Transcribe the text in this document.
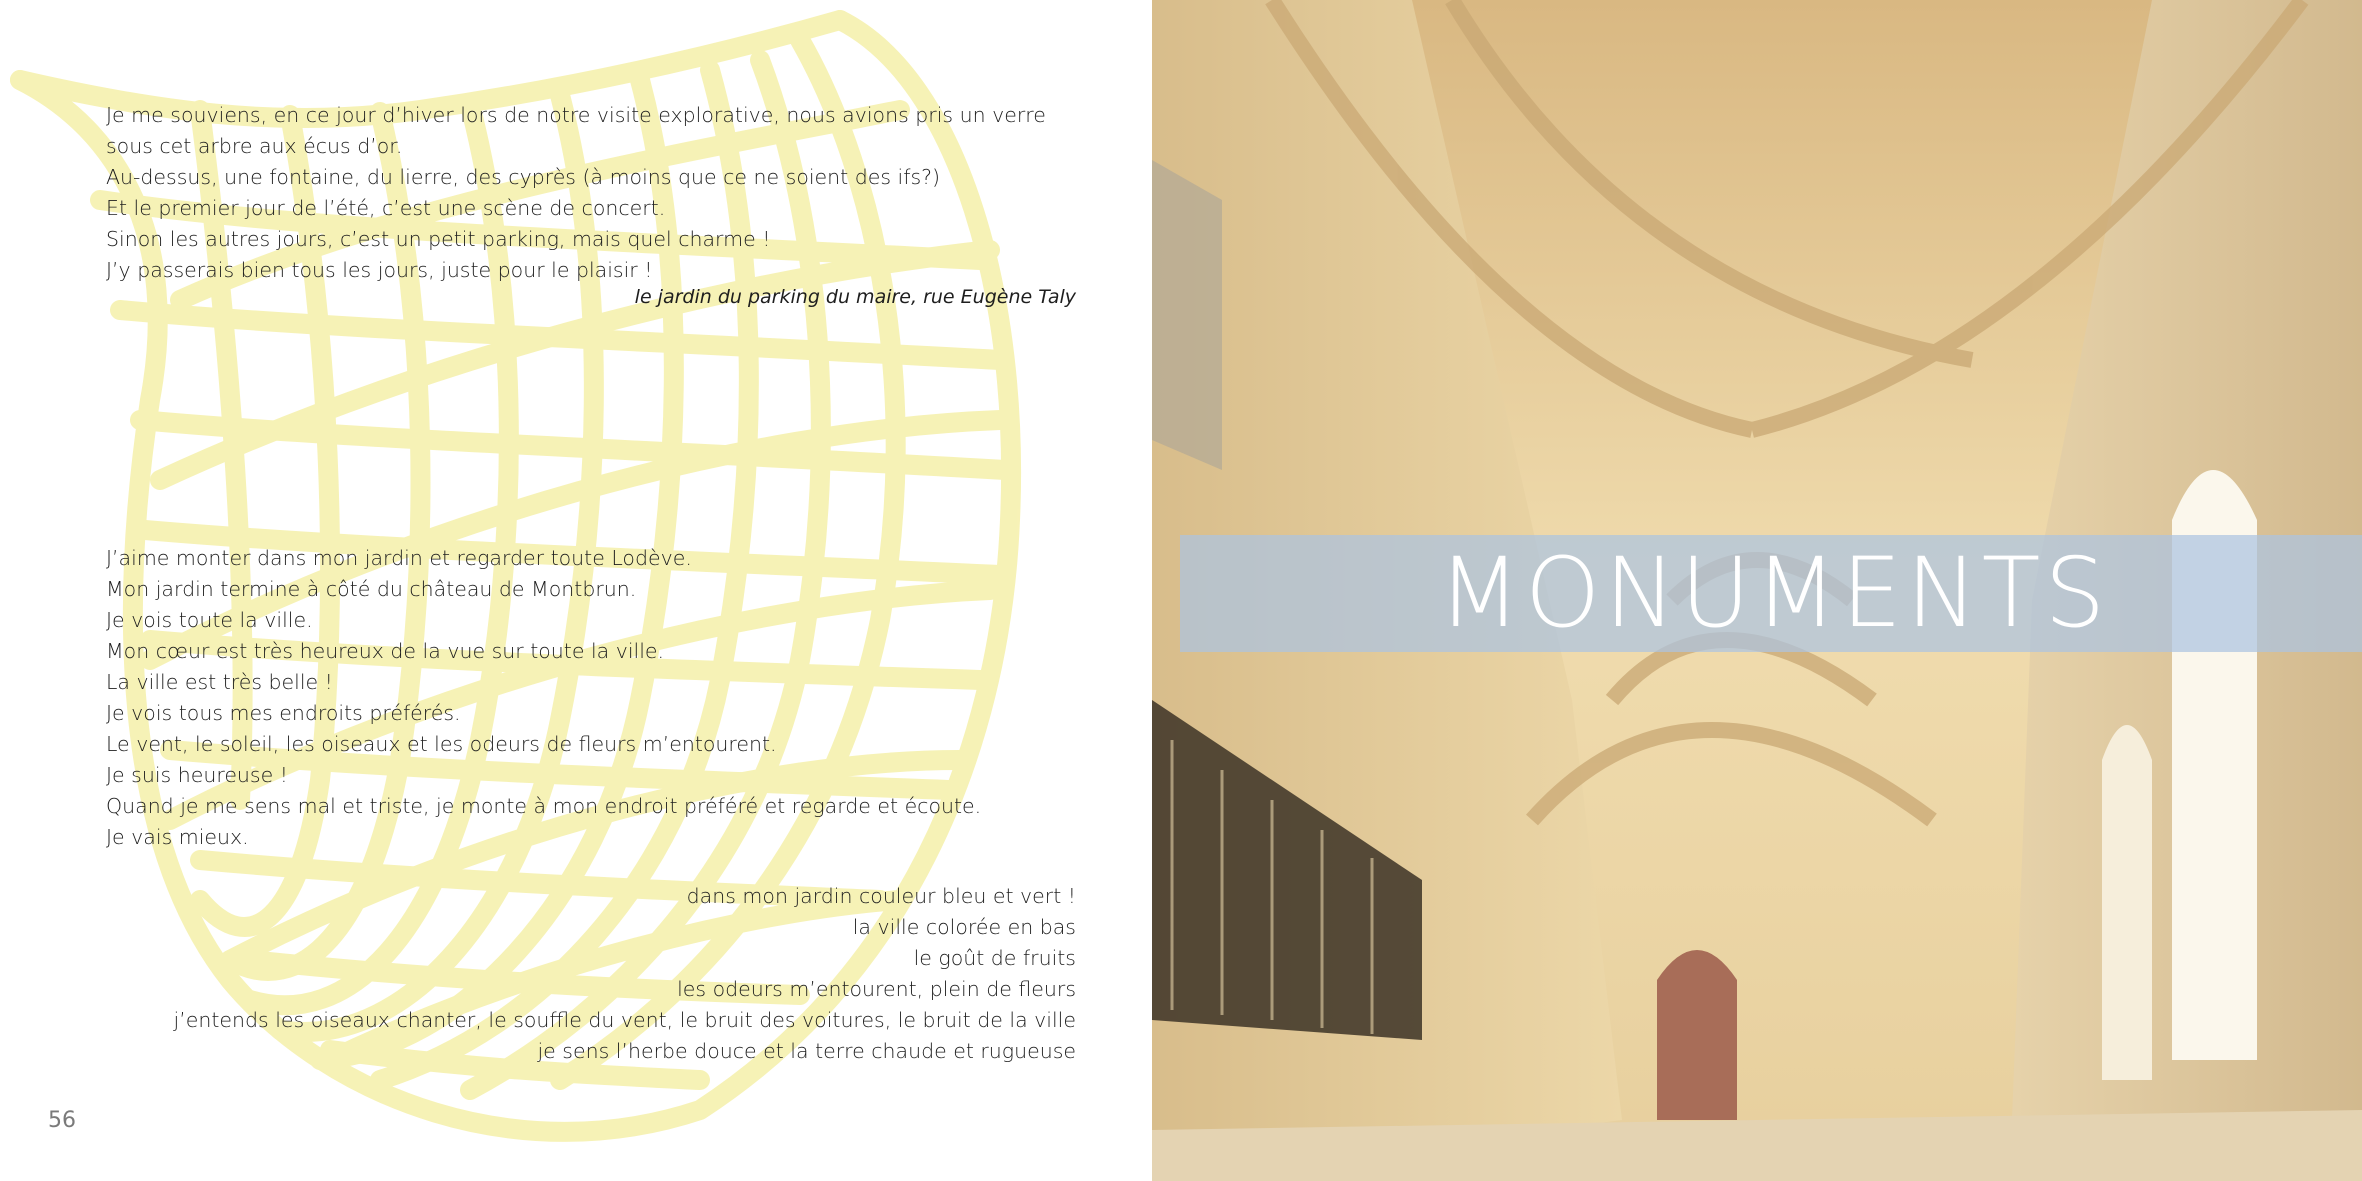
Je me souviens, en ce jour d’hiver lors de notre visite explorative, nous avions pris un verre sous cet arbre aux écus d’or.

Au-dessus, une fontaine, du lierre, des cyprès (à moins que ce ne soient des ifs?)

Et le premier jour de l’été, c’est une scène de concert.

Sinon les autres jours, c’est un petit parking, mais quel charme !

J’y passerais bien tous les jours, juste pour le plaisir !

le jardin du parking du maire, rue Eugène Taly

J’aime monter dans mon jardin et regarder toute Lodève.

Mon jardin termine à côté du château de Montbrun.

Je vois toute la ville.

Mon cœur est très heureux de la vue sur toute la ville.

La ville est très belle !

Je vois tous mes endroits préférés.

Le vent, le soleil, les oiseaux et les odeurs de fleurs m’entourent.

Je suis heureuse !

Quand je me sens mal et triste, je monte à mon endroit préféré et regarde et écoute.

Je vais mieux.

dans mon jardin couleur bleu et vert !

la ville colorée en bas

le goût de fruits

les odeurs m’entourent, plein de fleurs

j’entends les oiseaux chanter, le souffle du vent, le bruit des voitures, le bruit de la ville

je sens l’herbe douce et la terre chaude et rugueuse

56
MONUMENTS
